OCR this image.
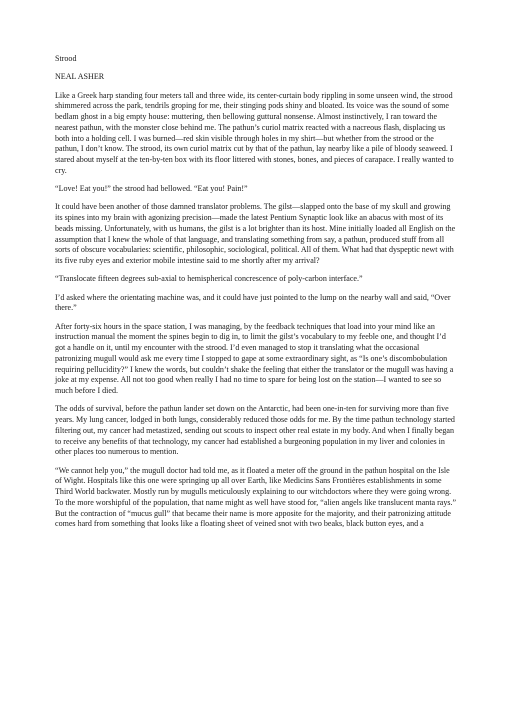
Strood

NEAL ASHER

Like a Greek harp standing four meters tall and three wide, its center-curtain body rippling in some unseen wind, the strood shimmered across the park, tendrils groping for me, their stinging pods shiny and bloated. Its voice was the sound of some bedlam ghost in a big empty house: muttering, then bellowing guttural nonsense. Almost instinctively, I ran toward the nearest pathun, with the monster close behind me. The pathun’s curiol matrix reacted with a nacreous flash, displacing us both into a holding cell. I was burned—red skin visible through holes in my shirt—but whether from the strood or the pathun, I don’t know. The strood, its own curiol matrix cut by that of the pathun, lay nearby like a pile of bloody seaweed. I stared about myself at the ten-by-ten box with its floor littered with stones, bones, and pieces of carapace. I really wanted to cry.

“Love! Eat you!” the strood had bellowed. “Eat you! Pain!”

It could have been another of those damned translator problems. The gilst—slapped onto the base of my skull and growing its spines into my brain with agonizing precision—made the latest Pentium Synaptic look like an abacus with most of its beads missing. Unfortunately, with us humans, the gilst is a lot brighter than its host. Mine initially loaded all English on the assumption that I knew the whole of that language, and translating something from say, a pathun, produced stuff from all sorts of obscure vocabularies: scientific, philosophic, sociological, political. All of them. What had that dyspeptic newt with its five ruby eyes and exterior mobile intestine said to me shortly after my arrival?

“Translocate fifteen degrees sub-axial to hemispherical concrescence of poly-carbon interface.”

I’d asked where the orientating machine was, and it could have just pointed to the lump on the nearby wall and said, “Over there.”

After forty-six hours in the space station, I was managing, by the feedback techniques that load into your mind like an instruction manual the moment the spines begin to dig in, to limit the gilst’s vocabulary to my feeble one, and thought I’d got a handle on it, until my encounter with the strood. I’d even managed to stop it translating what the occasional patronizing mugull would ask me every time I stopped to gape at some extraordinary sight, as “Is one’s discombobulation requiring pellucidity?” I knew the words, but couldn’t shake the feeling that either the translator or the mugull was having a joke at my expense. All not too good when really I had no time to spare for being lost on the station—I wanted to see so much before I died.

The odds of survival, before the pathun lander set down on the Antarctic, had been one-in-ten for surviving more than five years. My lung cancer, lodged in both lungs, considerably reduced those odds for me. By the time pathun technology started filtering out, my cancer had metastized, sending out scouts to inspect other real estate in my body. And when I finally began to receive any benefits of that technology, my cancer had established a burgeoning population in my liver and colonies in other places too numerous to mention.

“We cannot help you,” the mugull doctor had told me, as it floated a meter off the ground in the pathun hospital on the Isle of Wight. Hospitals like this one were springing up all over Earth, like Medicins Sans Frontières establishments in some Third World backwater. Mostly run by mugulls meticulously explaining to our witchdoctors where they were going wrong. To the more worshipful of the population, that name might as well have stood for, “alien angels like translucent manta rays.” But the contraction of “mucus gull” that became their name is more apposite for the majority, and their patronizing attitude comes hard from something that looks like a floating sheet of veined snot with two beaks, black button eyes, and a
